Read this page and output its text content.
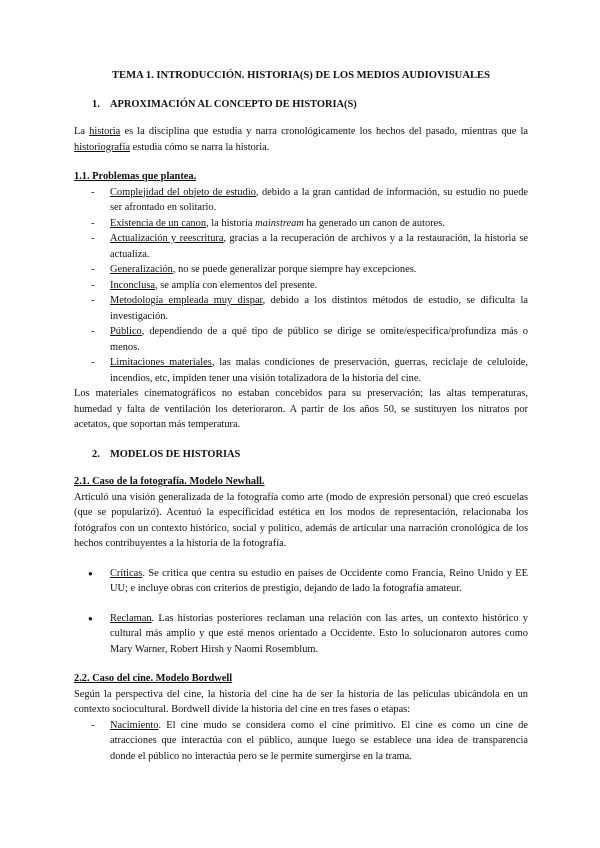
TEMA 1. INTRODUCCIÓN. HISTORIA(S) DE LOS MEDIOS AUDIOVISUALES
1. APROXIMACIÓN AL CONCEPTO DE HISTORIA(S)

La historia es la disciplina que estudia y narra cronológicamente los hechos del pasado, mientras que la historiografía estudia cómo se narra la historia.

1.1. Problemas que plantea.
- Complejidad del objeto de estudio, debido a la gran cantidad de información, su estudio no puede ser afrontado en solitario.
- Existencia de un canon, la historia mainstream ha generado un canon de autores.
- Actualización y reescritura, gracias a la recuperación de archivos y a la restauración, la historia se actualiza.
- Generalización, no se puede generalizar porque siempre hay excepciones.
- Inconclusa, se amplía con elementos del presente.
- Metodología empleada muy dispar, debido a los distintos métodos de estudio, se dificulta la investigación.
- Público, dependiendo de a qué tipo de público se dirige se omite/especifica/profundiza más o menos.
- Limitaciones materiales, las malas condiciones de preservación, guerras, reciclaje de celuloide, incendios, etc, impiden tener una visión totalizadora de la historia del cine.

Los materiales cinematográficos no estaban concebidos para su preservación; las altas temperaturas, humedad y falta de ventilación los deterioraron. A partir de los años 50, se sustituyen los nitratos por acetatos, que soportan más temperatura.

2. MODELOS DE HISTORIAS
2.1. Caso de la fotografía. Modelo Newhall.

Articuló una visión generalizada de la fotografía como arte (modo de expresión personal) que creó escuelas (que se popularizó). Acentuó la especificidad estética en los modos de representación, relacionaba los fotógrafos con un contexto histórico, social y político, además de articular una narración cronológica de los hechos contribuyentes a la historia de la fotografía.

● Críticas. Se critica que centra su estudio en países de Occidente como Francia, Reino Unido y EE UU; e incluye obras con criterios de prestigio, dejando de lado la fotografía amateur.
● Reclaman. Las historias posteriores reclaman una relación con las artes, un contexto histórico y cultural más amplio y que esté menos orientado a Occidente. Esto lo solucionaron autores como Mary Warner, Robert Hirsh y Naomi Rosemblum.
2.2. Caso del cine. Modelo Bordwell

Según la perspectiva del cine, la historia del cine ha de ser la historia de las películas ubicándola en un contexto sociocultural. Bordwell divide la historia del cine en tres fases o etapas:

- Nacimiento. El cine mudo se considera como el cine primitivo. El cine es como un cine de atracciones que interactúa con el público, aunque luego se establece una idea de transparencia donde el público no interactúa pero se le permite sumergirse en la trama.
